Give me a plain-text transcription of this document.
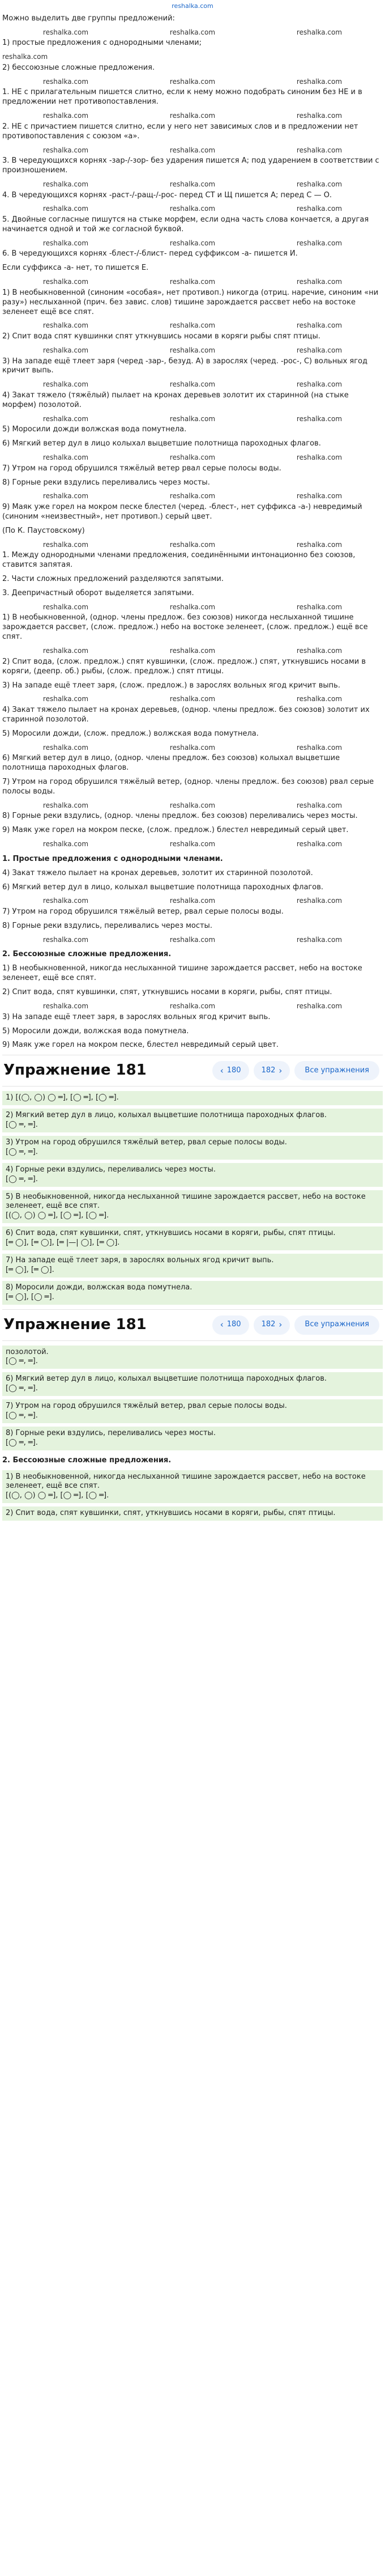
reshalka.com
Можно выделить две группы предложений:
reshalka.com	reshalka.com	reshalka.com
1) простые предложения с однородными членами;
reshalka.com
2) бессоюзные сложные предложения.
reshalka.com	reshalka.com	reshalka.com
1. НЕ с прилагательным пишется слитно, если к нему можно подобрать синоним без НЕ и в предложении нет противопоставления.
reshalka.com	reshalka.com	reshalka.com
2. НЕ с причастием пишется слитно, если у него нет зависимых слов и в предложении нет противопоставления с союзом «а».
reshalka.com	reshalka.com	reshalka.com
3. В чередующихся корнях -зар-/-зор- без ударения пишется А; под ударением в соответствии с произношением.
reshalka.com	reshalka.com	reshalka.com
4. В чередующихся корнях -раст-/-ращ-/-рос- перед СТ и Щ пишется А; перед С — О.
reshalka.com	reshalka.com	reshalka.com
5. Двойные согласные пишутся на стыке морфем, если одна часть слова кончается, а другая начинается одной и той же согласной буквой.
reshalka.com	reshalka.com	reshalka.com
6. В чередующихся корнях -блест-/-блист- перед суффиксом -а- пишется И.
Если суффикса -а- нет, то пишется Е.
reshalka.com	reshalka.com	reshalka.com
1) В необыкновенной (синоним «особая», нет противоп.) никогда (отриц. наречие, синоним «ни разу») неслыханной (прич. без завис. слов) тишине зарождается рассвет небо на востоке зеленеет ещё все спят.
reshalka.com	reshalka.com	reshalka.com
2) Спит вода спят кувшинки спят уткнувшись носами в коряги рыбы спят птицы.
reshalka.com	reshalka.com	reshalka.com
3) На западе ещё тлеет заря (черед -зар-, безуд. А) в зарослях (черед. -рос-, С) вольных ягод кричит выпь.
reshalka.com	reshalka.com	reshalka.com
4) Закат тяжело (тяжёлый) пылает на кронах деревьев золотит их старинной (на стыке морфем) позолотой.
reshalka.com	reshalka.com	reshalka.com
5) Моросили дожди волжская вода помутнела.
6) Мягкий ветер дул в лицо колыхал выцветшие полотнища пароходных флагов.
reshalka.com	reshalka.com	reshalka.com
7) Утром на город обрушился тяжёлый ветер рвал серые полосы воды.
8) Горные реки вздулись переливались через мосты.
reshalka.com	reshalka.com	reshalka.com
9) Маяк уже горел на мокром песке блестел (черед. -блест-, нет суффикса -а-) невредимый (синоним «неизвестный», нет противоп.) серый цвет.
(По К. Паустовскому)
reshalka.com	reshalka.com	reshalka.com
1. Между однородными членами предложения, соединёнными интонационно без союзов, ставится запятая.
2. Части сложных предложений разделяются запятыми.
3. Деепричастный оборот выделяется запятыми.
reshalka.com	reshalka.com	reshalka.com
1) В необыкновенной, (однор. члены предлож. без союзов) никогда неслыханной тишине зарождается рассвет, (слож. предлож.) небо на востоке зеленеет, (слож. предлож.) ещё все спят.
reshalka.com	reshalka.com	reshalka.com
2) Спит вода, (слож. предлож.) спят кувшинки, (слож. предлож.) спят, уткнувшись носами в коряги, (деепр. об.) рыбы, (слож. предлож.) спят птицы.
3) На западе ещё тлеет заря, (слож. предлож.) в зарослях вольных ягод кричит выпь.
reshalka.com	reshalka.com	reshalka.com
4) Закат тяжело пылает на кронах деревьев, (однор. члены предлож. без союзов) золотит их старинной позолотой.
5) Моросили дожди, (слож. предлож.) волжская вода помутнела.
reshalka.com	reshalka.com	reshalka.com
6) Мягкий ветер дул в лицо, (однор. члены предлож. без союзов) колыхал выцветшие полотнища пароходных флагов.
7) Утром на город обрушился тяжёлый ветер, (однор. члены предлож. без союзов) рвал серые полосы воды.
reshalka.com	reshalka.com	reshalka.com
8) Горные реки вздулись, (однор. члены предлож. без союзов) переливались через мосты.
9) Маяк уже горел на мокром песке, (слож. предлож.) блестел невредимый серый цвет.
reshalka.com	reshalka.com	reshalka.com
1. Простые предложения с однородными членами.
4) Закат тяжело пылает на кронах деревьев, золотит их старинной позолотой.
6) Мягкий ветер дул в лицо, колыхал выцветшие полотнища пароходных флагов.
reshalka.com	reshalka.com	reshalka.com
7) Утром на город обрушился тяжёлый ветер, рвал серые полосы воды.
8) Горные реки вздулись, переливались через мосты.
reshalka.com	reshalka.com	reshalka.com
2. Бессоюзные сложные предложения.
1) В необыкновенной, никогда неслыханной тишине зарождается рассвет, небо на востоке зеленеет, ещё все спят.
2) Спит вода, спят кувшинки, спят, уткнувшись носами в коряги, рыбы, спят птицы.
reshalka.com	reshalka.com	reshalka.com
3) На западе ещё тлеет заря, в зарослях вольных ягод кричит выпь.
5) Моросили дожди, волжская вода помутнела.
9) Маяк уже горел на мокром песке, блестел невредимый серый цвет.
Упражнение 181	‹ 180	182 ›	Все упражнения
1) [(◯, ◯) ◯ ═], [◯ ═], [◯ ═].
2) Мягкий ветер дул в лицо, колыхал выцветшие полотнища пароходных флагов.
[◯ ═, ═].
3) Утром на город обрушился тяжёлый ветер, рвал серые полосы воды.
[◯ ═, ═].
4) Горные реки вздулись, переливались через мосты.
[◯ ═, ═].
5) В необыкновенной, никогда неслыханной тишине зарождается рассвет, небо на востоке зеленеет, ещё все спят.
[(◯, ◯) ◯ ═], [◯ ═], [◯ ═].
6) Спит вода, спят кувшинки, спят, уткнувшись носами в коряги, рыбы, спят птицы.
[═ ◯], [═ ◯], [═ |—| ◯], [═ ◯].
7) На западе ещё тлеет заря, в зарослях вольных ягод кричит выпь.
[═ ◯], [═ ◯].
8) Моросили дожди, волжская вода помутнела.
[═ ◯], [◯ ═].
Упражнение 181	‹ 180	182 ›	Все упражнения
позолотой.
[◯ ═, ═].
6) Мягкий ветер дул в лицо, колыхал выцветшие полотнища пароходных флагов.
[◯ ═, ═].
7) Утром на город обрушился тяжёлый ветер, рвал серые полосы воды.
[◯ ═, ═].
8) Горные реки вздулись, переливались через мосты.
[◯ ═, ═].
2. Бессоюзные сложные предложения.
1) В необыкновенной, никогда неслыханной тишине зарождается рассвет, небо на востоке зеленеет, ещё все спят.
[(◯, ◯) ◯ ═], [◯ ═], [◯ ═].
2) Спит вода, спят кувшинки, спят, уткнувшись носами в коряги, рыбы, спят птицы.
